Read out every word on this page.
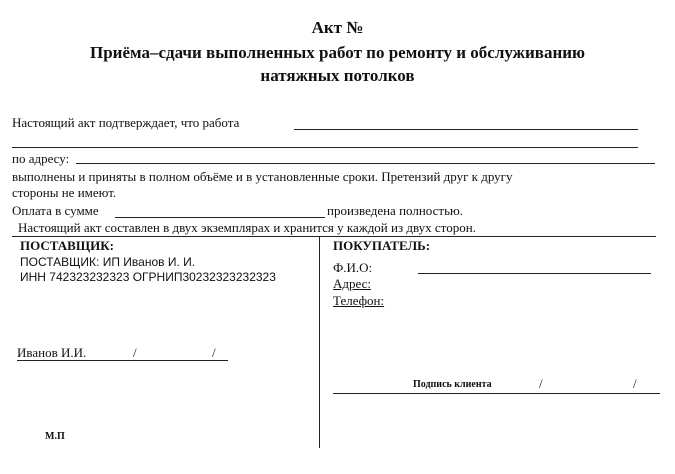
Акт №
Приёма–сдачи выполненных работ по ремонту и обслуживанию
натяжных потолков
Настоящий акт подтверждает, что работа
по адресу:
выполнены и приняты в полном объёме и в установленные сроки. Претензий друг к другу
стороны не имеют.
Оплата в сумме	произведена полностью.
Настоящий акт составлен в двух экземплярах и хранится у каждой из двух сторон.
ПОСТАВЩИК:
ПОСТАВЩИК: ИП Иванов И. И.
ИНН 742323232323 ОГРНИП30232323232323
Иванов И.И.	/	/
М.П
ПОКУПАТЕЛЬ:
Ф.И.О:
Адрес:
Телефон:
Подпись клиента	/	/
